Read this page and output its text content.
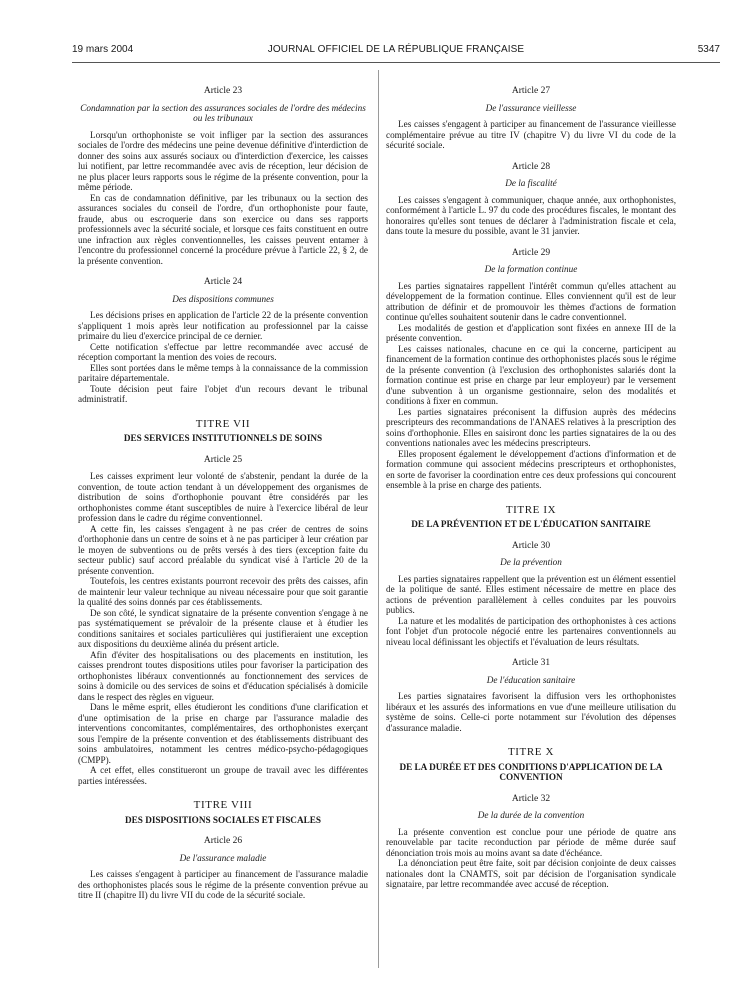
19 mars 2004	JOURNAL OFFICIEL DE LA RÉPUBLIQUE FRANÇAISE	5347
Article 23
Condamnation par la section des assurances sociales de l'ordre des médecins ou les tribunaux
Lorsqu'un orthophoniste se voit infliger par la section des assurances sociales de l'ordre des médecins une peine devenue définitive d'interdiction de donner des soins aux assurés sociaux ou d'interdiction d'exercice, les caisses lui notifient, par lettre recommandée avec avis de réception, leur décision de ne plus placer leurs rapports sous le régime de la présente convention, pour la même période.
En cas de condamnation définitive, par les tribunaux ou la section des assurances sociales du conseil de l'ordre, d'un orthophoniste pour faute, fraude, abus ou escroquerie dans son exercice ou dans ses rapports professionnels avec la sécurité sociale, et lorsque ces faits constituent en outre une infraction aux règles conventionnelles, les caisses peuvent entamer à l'encontre du professionnel concerné la procédure prévue à l'article 22, § 2, de la présente convention.
Article 24
Des dispositions communes
Les décisions prises en application de l'article 22 de la présente convention s'appliquent 1 mois après leur notification au professionnel par la caisse primaire du lieu d'exercice principal de ce dernier.
Cette notification s'effectue par lettre recommandée avec accusé de réception comportant la mention des voies de recours.
Elles sont portées dans le même temps à la connaissance de la commission paritaire départementale.
Toute décision peut faire l'objet d'un recours devant le tribunal administratif.
TITRE VII
DES SERVICES INSTITUTIONNELS DE SOINS
Article 25
Les caisses expriment leur volonté de s'abstenir, pendant la durée de la convention, de toute action tendant à un développement des organismes de distribution de soins d'orthophonie pouvant être considérés par les orthophonistes comme étant susceptibles de nuire à l'exercice libéral de leur profession dans le cadre du régime conventionnel.
A cette fin, les caisses s'engagent à ne pas créer de centres de soins d'orthophonie dans un centre de soins et à ne pas participer à leur création par le moyen de subventions ou de prêts versés à des tiers (exception faite du secteur public) sauf accord préalable du syndicat visé à l'article 20 de la présente convention.
Toutefois, les centres existants pourront recevoir des prêts des caisses, afin de maintenir leur valeur technique au niveau nécessaire pour que soit garantie la qualité des soins donnés par ces établissements.
De son côté, le syndicat signataire de la présente convention s'engage à ne pas systématiquement se prévaloir de la présente clause et à étudier les conditions sanitaires et sociales particulières qui justifieraient une exception aux dispositions du deuxième alinéa du présent article.
Afin d'éviter des hospitalisations ou des placements en institution, les caisses prendront toutes dispositions utiles pour favoriser la participation des orthophonistes libéraux conventionnés au fonctionnement des services de soins à domicile ou des services de soins et d'éducation spécialisés à domicile dans le respect des règles en vigueur.
Dans le même esprit, elles étudieront les conditions d'une clarification et d'une optimisation de la prise en charge par l'assurance maladie des interventions concomitantes, complémentaires, des orthophonistes exerçant sous l'empire de la présente convention et des établissements distribuant des soins ambulatoires, notamment les centres médico-psycho-pédagogiques (CMPP).
A cet effet, elles constitueront un groupe de travail avec les différentes parties intéressées.
TITRE VIII
DES DISPOSITIONS SOCIALES ET FISCALES
Article 26
De l'assurance maladie
Les caisses s'engagent à participer au financement de l'assurance maladie des orthophonistes placés sous le régime de la présente convention prévue au titre II (chapitre II) du livre VII du code de la sécurité sociale.
Article 27
De l'assurance vieillesse
Les caisses s'engagent à participer au financement de l'assurance vieillesse complémentaire prévue au titre IV (chapitre V) du livre VI du code de la sécurité sociale.
Article 28
De la fiscalité
Les caisses s'engagent à communiquer, chaque année, aux orthophonistes, conformément à l'article L. 97 du code des procédures fiscales, le montant des honoraires qu'elles sont tenues de déclarer à l'administration fiscale et cela, dans toute la mesure du possible, avant le 31 janvier.
Article 29
De la formation continue
Les parties signataires rappellent l'intérêt commun qu'elles attachent au développement de la formation continue. Elles conviennent qu'il est de leur attribution de définir et de promouvoir les thèmes d'actions de formation continue qu'elles souhaitent soutenir dans le cadre conventionnel.
Les modalités de gestion et d'application sont fixées en annexe III de la présente convention.
Les caisses nationales, chacune en ce qui la concerne, participent au financement de la formation continue des orthophonistes placés sous le régime de la présente convention (à l'exclusion des orthophonistes salariés dont la formation continue est prise en charge par leur employeur) par le versement d'une subvention à un organisme gestionnaire, selon des modalités et conditions à fixer en commun.
Les parties signataires préconisent la diffusion auprès des médecins prescripteurs des recommandations de l'ANAES relatives à la prescription des soins d'orthophonie. Elles en saisiront donc les parties signataires de la ou des conventions nationales avec les médecins prescripteurs.
Elles proposent également le développement d'actions d'information et de formation commune qui associent médecins prescripteurs et orthophonistes, en sorte de favoriser la coordination entre ces deux professions qui concourent ensemble à la prise en charge des patients.
TITRE IX
DE LA PRÉVENTION ET DE L'ÉDUCATION SANITAIRE
Article 30
De la prévention
Les parties signataires rappellent que la prévention est un élément essentiel de la politique de santé. Elles estiment nécessaire de mettre en place des actions de prévention parallèlement à celles conduites par les pouvoirs publics.
La nature et les modalités de participation des orthophonistes à ces actions font l'objet d'un protocole négocié entre les partenaires conventionnels au niveau local définissant les objectifs et l'évaluation de leurs résultats.
Article 31
De l'éducation sanitaire
Les parties signataires favorisent la diffusion vers les orthophonistes libéraux et les assurés des informations en vue d'une meilleure utilisation du système de soins. Celle-ci porte notamment sur l'évolution des dépenses d'assurance maladie.
TITRE X
DE LA DURÉE ET DES CONDITIONS D'APPLICATION DE LA CONVENTION
Article 32
De la durée de la convention
La présente convention est conclue pour une période de quatre ans renouvelable par tacite reconduction par période de même durée sauf dénonciation trois mois au moins avant sa date d'échéance.
La dénonciation peut être faite, soit par décision conjointe de deux caisses nationales dont la CNAMTS, soit par décision de l'organisation syndicale signataire, par lettre recommandée avec accusé de réception.
